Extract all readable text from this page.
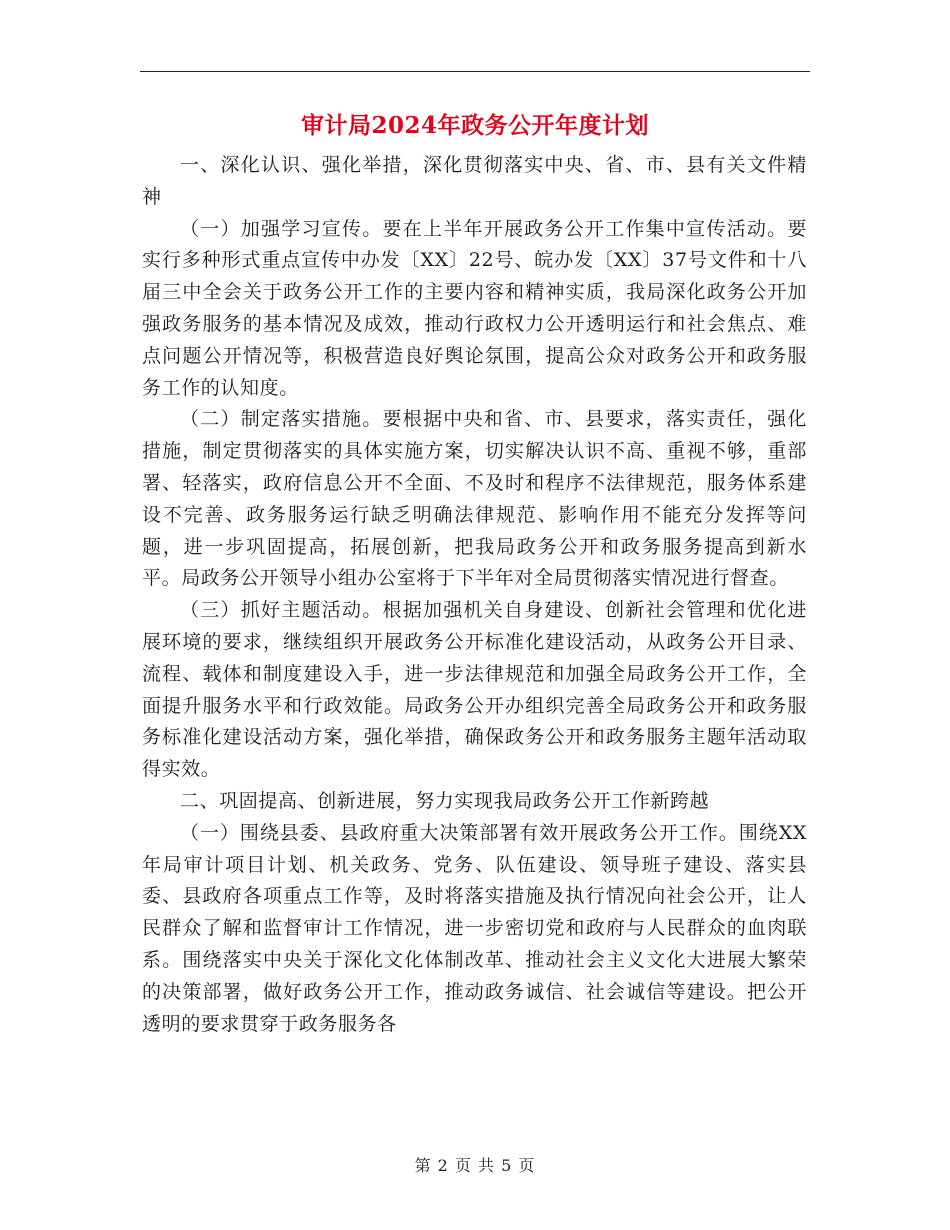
审计局2024年政务公开年度计划

一、深化认识、强化举措，深化贯彻落实中央、省、市、县有关文件精神

（一）加强学习宣传。要在上半年开展政务公开工作集中宣传活动。要实行多种形式重点宣传中办发〔XX〕22号、皖办发〔XX〕37号文件和十八届三中全会关于政务公开工作的主要内容和精神实质，我局深化政务公开加强政务服务的基本情况及成效，推动行政权力公开透明运行和社会焦点、难点问题公开情况等，积极营造良好舆论氛围，提高公众对政务公开和政务服务工作的认知度。

（二）制定落实措施。要根据中央和省、市、县要求，落实责任，强化措施，制定贯彻落实的具体实施方案，切实解决认识不高、重视不够，重部署、轻落实，政府信息公开不全面、不及时和程序不法律规范，服务体系建设不完善、政务服务运行缺乏明确法律规范、影响作用不能充分发挥等问题，进一步巩固提高，拓展创新，把我局政务公开和政务服务提高到新水平。局政务公开领导小组办公室将于下半年对全局贯彻落实情况进行督查。

（三）抓好主题活动。根据加强机关自身建设、创新社会管理和优化进展环境的要求，继续组织开展政务公开标准化建设活动，从政务公开目录、流程、载体和制度建设入手，进一步法律规范和加强全局政务公开工作，全面提升服务水平和行政效能。局政务公开办组织完善全局政务公开和政务服务标准化建设活动方案，强化举措，确保政务公开和政务服务主题年活动取得实效。

二、巩固提高、创新进展，努力实现我局政务公开工作新跨越

（一）围绕县委、县政府重大决策部署有效开展政务公开工作。围绕XX年局审计项目计划、机关政务、党务、队伍建设、领导班子建设、落实县委、县政府各项重点工作等，及时将落实措施及执行情况向社会公开，让人民群众了解和监督审计工作情况，进一步密切党和政府与人民群众的血肉联系。围绕落实中央关于深化文化体制改革、推动社会主义文化大进展大繁荣的决策部署，做好政务公开工作，推动政务诚信、社会诚信等建设。把公开透明的要求贯穿于政务服务各

第 2 页 共 5 页
